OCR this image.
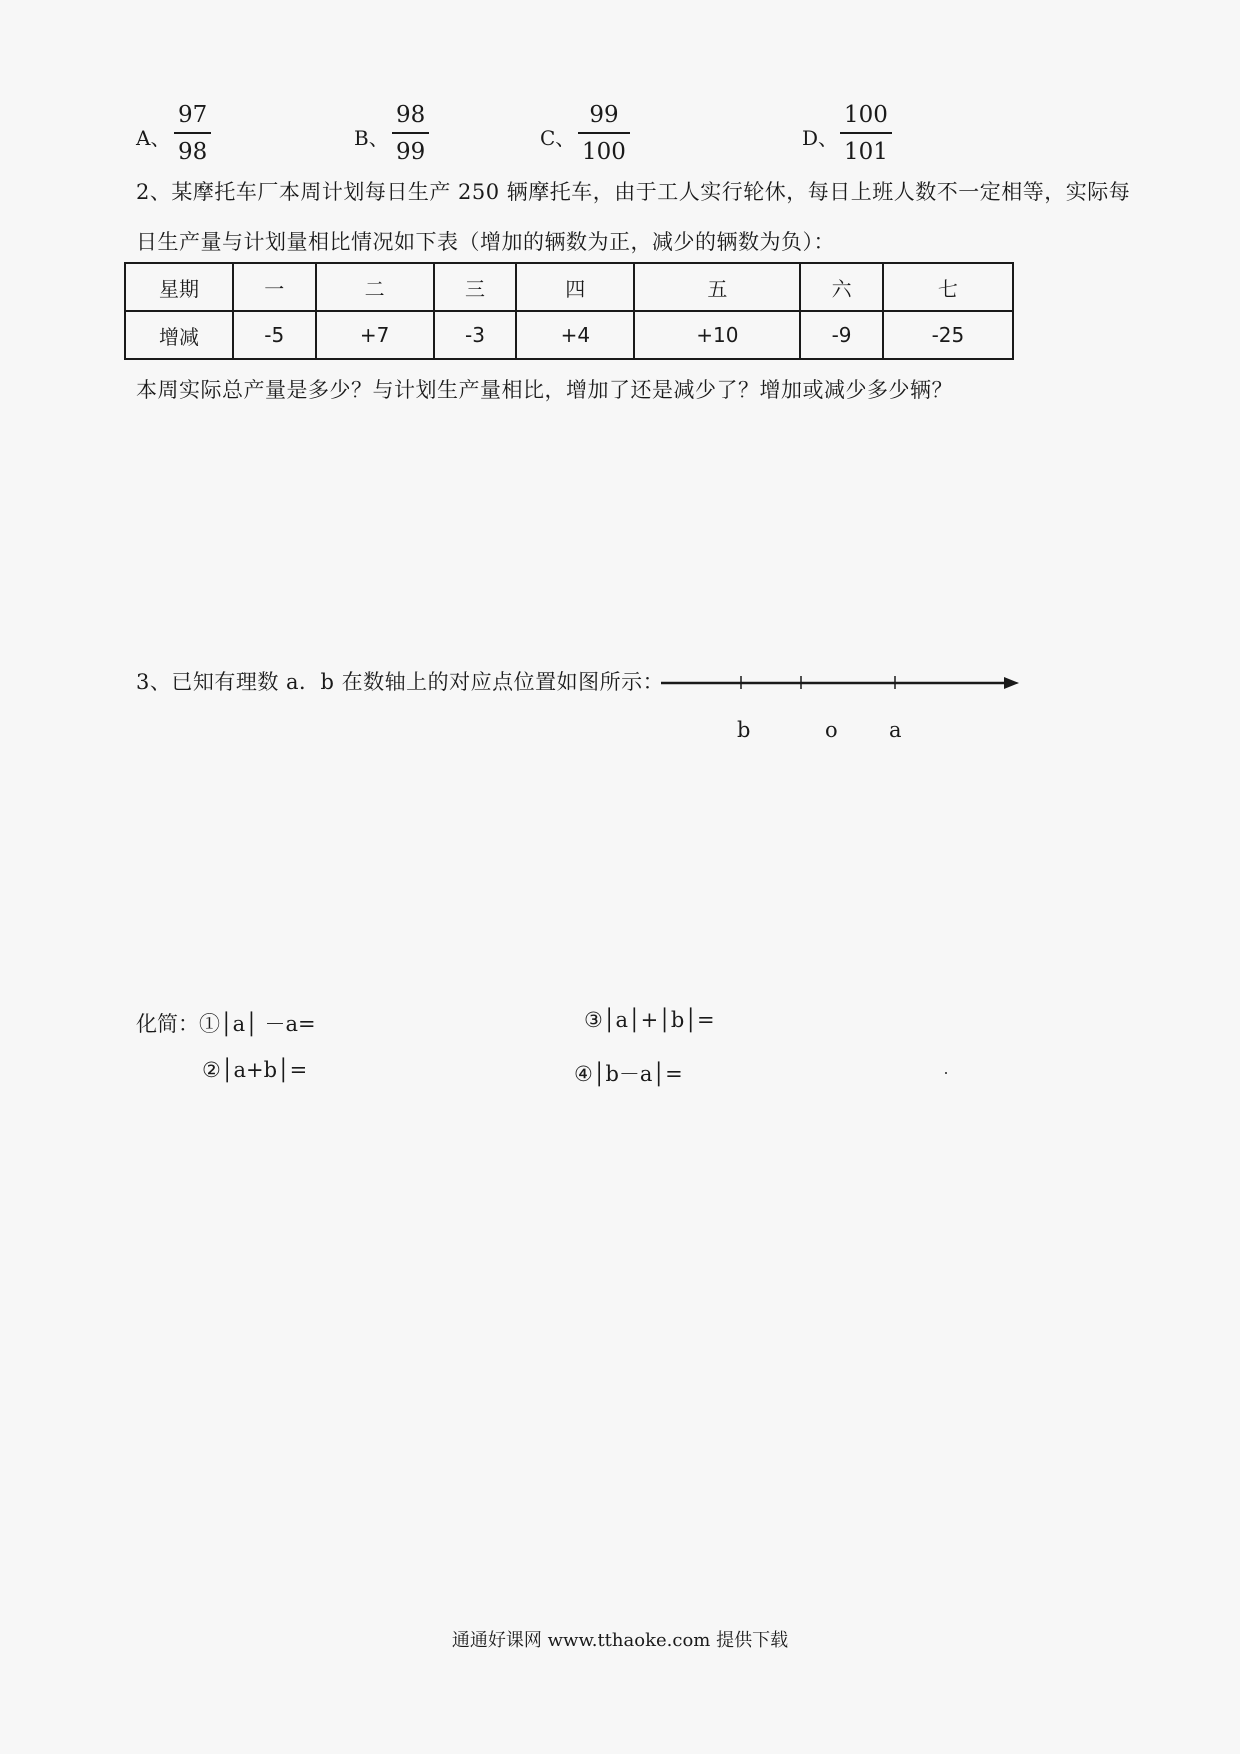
A、 $\frac{97}{98}$	B、 $\frac{98}{99}$	C、 $\frac{99}{100}$	D、 $\frac{100}{101}$
2、某摩托车厂本周计划每日生产 250 辆摩托车，由于工人实行轮休，每日上班人数不一定相等，实际每
日生产量与计划量相比情况如下表（增加的辆数为正，减少的辆数为负）：
星期	一	二	三	四	五	六	七
增减	-5	+7	-3	+4	+10	-9	-25
本周实际总产量是多少？与计划生产量相比，增加了还是减少了？增加或减少多少辆？
3、已知有理数 a．b 在数轴上的对应点位置如图所示：
b	o a
化简：①│a│ －a=	③│a│+│b│=
②│a+b│=	④│b－a│=
通通好课网 www.tthaoke.com 提供下载
